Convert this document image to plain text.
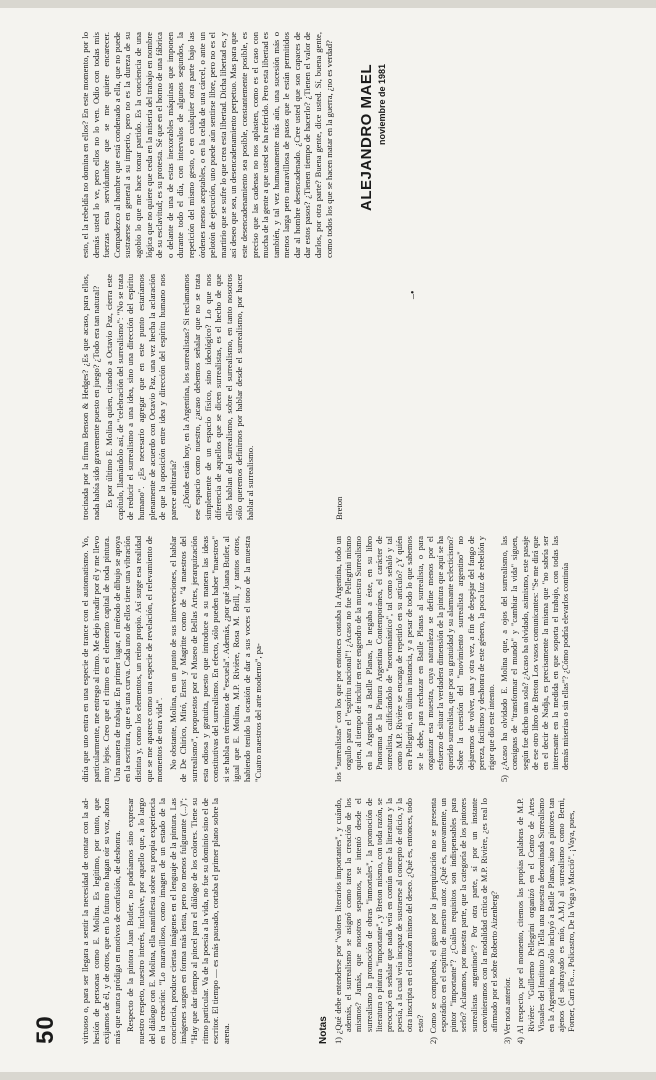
50 virtuoso o, para ser llegara a sentir la necesidad de contar con la ad-hesión de personas como E. Molina. Es legítimo, por tanto, que exijamos de él, y de otros, que en lo futuro no hagan oír su voz, ahora más que nunca pródiga en motivos de confusión, de deshonra. Respecto de la pintora Juan Butler, no podríamos sino expresar nuestro respeto, nuestro interés, inclusive, por aquello que, a lo largo del diálogo con E. Molina, ella manifiesta sobre su propia experiencia en la creación: "Lo maravilloso, como imagen de un estado de la conciencia, produce ciertas imágenes en el lenguaje de la pintura. Las imágenes surgen en forma más lenta, pero no menos fulgurante (...)"; "Hay que dar tiempo al pincel para el diálogo de los colores. Tiene su ritmo particular. Va de la poesía a la vida, no fue su dominio sino el de escritor. El tiempo — es más pausado, cortaba el primer plano sobre la arena.

diría que uno entra en una especie de trance con el automatismo. Yo, particularmente, me entrego al ritmo. Me dejo invadir por él y me llevo muy lejos. Creo que el ritmo es el elemento capital de toda pintura. Una manera de trabajar. En primer lugar, el método de dibujo se apoya en la escritura, que es una curva. Cada uno de ellos tiene una vibración distinta y, como los elementos, un reino propio. Así surge esa realidad que se me aparece como una especie de revelación, el relevamiento de momentos de otra vida". No obstante, Molina, en un punto de sus intervenciones, el hablar de De Chirico, Miró, Ernst y Magritte como de "4 maestros del surrealismo", propuestos por el Museo de Bellas Artes, jerarquización esta odiosa y gratuita, puesto que introduce a su manera las ideas constitutivas del surrealismo. En efecto, sólo pueden haber "maestros" si se habla en términos de "escuela". Además, ¿por qué Juana Butler, al igual que E. Molina, M.P. Rivière, Rosa M. Brill, y tantos otros, habiendo tenido la ocasión de dar a sus voces el tono de la muestra "Cuatro maestros del arte moderno", pa-

trocinada por la firma Benson & Hedges? ¿Es que acaso, para ellos, nada había sido gravemente puesto en juego? ¿Todo era tan natural? Es por último E. Molina quien, citando a Octavio Paz, cierra este capítulo, llamándolo así, de "celebración del surrealismo": "No se trata de reducir el surrealismo a una idea, sino una dirección del espíritu humano". ¿Es necesario agregar que en este punto estaríamos plenamente de acuerdo con Octavio Paz, una vez hecha la aclaración de que la oposición entre idea y dirección del espíritu humano nos parece arbitraria? ¿Dónde están hoy, en la Argentina, los surrealistas? Si reclamamos ese espacio como nuestro, ¿acaso debemos señalar que no se trata simplemente de un espacio físico, sino ideológico? Lo que nos diferencia de aquellos que se dicen surrealistas, es el hecho de que ellos hablan del surrealismo, sobre el surrealismo, en tanto nosotros sólo queremos definirnos por hablar desde el surrealismo, por hacer hablar al surrealismo.

esto, el la rebeldía no domina en ellos? En este momento, por lo demás usted lo ve, pero ellos no lo ven. Odio con todas mis fuerzas esta servidumbre que se me quiere encarecer. Compadezco al hombre que está condenado a ella, que no puede sustraerse en general a su imperio, pero no es la dureza de su agobio lo que me hace tomar partido. Es la conciencia de una lógica que no quiere que ceda en la miseria del trabajo en nombre de su esclavitud; es su protesta. Sé que en el horno de una fábrica o delante de una de estas inexorables máquinas que imponen durante todo el día, con intervalos de algunos segundos, la repetición del mismo gesto, o en cualquier otra parte bajo las órdenes menos aceptables, o en la celda de una cárcel, o ante un pelotón de ejecución, uno puede aún sentirse libre, pero no es el martirio que se sufre lo que crea esta libertad. Dicha libertad es, y así deseo que sea, un desencadenamiento perpetuo. Mas para que este desencadenamiento sea posible, constantemente posible, es preciso que las cadenas no nos aplasten, como es el caso con mucha de la gente a que usted se ha referido. Pero esta libertad es también, y tal vez humanamente más aún, una sucesión más o menos larga pero maravillosa de pasos que le están permitidos dar al hombre desencadenado. ¿Cree usted que son capaces de dar estos pasos? ¿Tienen tiempo de hacerlo? ¿Tienen el valor de darlos, por otra parte? Buena gente, dice usted. Sí, buena gente, como todos los que se hacen matar en la guerra, ¿no es verdad?

Notas 1) ¿Qué debe entenderse por "valores literarios importantes", y cuándo, además, el surrealismo se asignó como tarea la creación de los mismos? Jamás, que nosotros sepamos, se intentó desde el surrealismo la promoción de obras "inmortales", la promoción de literatura o pintura "importante", y Breton mismo, con toda razón, se preocupó en señalar que nada veía en común entre la literatura y la poesía, a la cual veía incapaz de sustraerse al concepto de oficio, y la otra inscripta en el corazón mismo del deseo. ¿Qué es, entonces, todo esto? 2) Como se comprueba, el gusto por la jerarquización no se presenta esporádico en el espíritu de nuestro autor. ¿Qué es, nuevamente, un pintor "importante"? ¿Cuáles requisitos son indispensables para serlo? Aclaramos, por nuestra parte, que la categoría de los pintores surrealistas argentinos"? Por otra parte, sí por un instante convinieramos con la modalidad crítica de M.P. Rivière, ¿es real lo afirmado por el sobre Roberto Aizenberg? 3) Ver nota anterior. 4) Al respecto, por el momento, citemos las propias palabras de M.P. Rivière: "Guillermo Pellegrini organizó en el Centro de Artes Visuales del Instituto Di Tella una muestra denominada Surrealismo en la Argentina, no sólo incluyó a Batlle Planas, sino a pintores tan ajenos (el subrayado es mío, A.M.) al surrealismo como Berni, Forner, Carri Fo..., Policastro, De la Vega y Macció". ¡Vaya, pues,

los "surrealistas" con los que por entonces contaba la Argentina, todo un orgullo para el "espíritu nacional"! ¿Acaso no fue Pellegrini mismo quien, al tiempo de incluir en ese engendro de la muestra Surrealismo en la Argentina a Batlle Planas, le negaba a éste, en su libro Panorama de la Pintura Argentina Contemporánea, el carácter de surrealista, calificándolo de "neorromántico", tal como señaló y tal como M.P. Rivière se encarga de repetirlo en su artículo? ¿Y quién era Pellegrini, en última instancia, y a pesar de todo lo que sabemos se le debe, para rechazar en Batlle Planas al surrealista, o para organizar esa muestra, cuya naturaleza se define menos por el esfuerzo de situar la verdadera dimensión de la pintura que aquí se ha querido surrealista, que por su gratuidad y su alarmante eclecticismo? Sobre la cuestión del "movimiento surrealista argentino" no dejaremos de volver, una y otra vez, a fin de despejar del fango de pereza, facilismo y deshonra de este género, la poca luz de rebelión y rigor que dio este intento. 5) ¿Acaso ha olvidado E. Molina que, a ojos del surrealismo, las consignas de "transformar el mundo" y "cambiar la vida" siguen, según fue dicho una sola? ¿Acaso ha olvidado, asimismo, este pasaje de ese otro libro de Breton Los vasos comunicantes: "Se me dirá que en el decir de Nadja, es precisamente la misma que "no sabría ser interesante en la medida en que soporta el trabajo, con todas las demás miserias o sin ellas"? ¿Cómo podría elevarlos continúa

Breton

–•
ALEJANDRO MAEL noviembre de 1981
